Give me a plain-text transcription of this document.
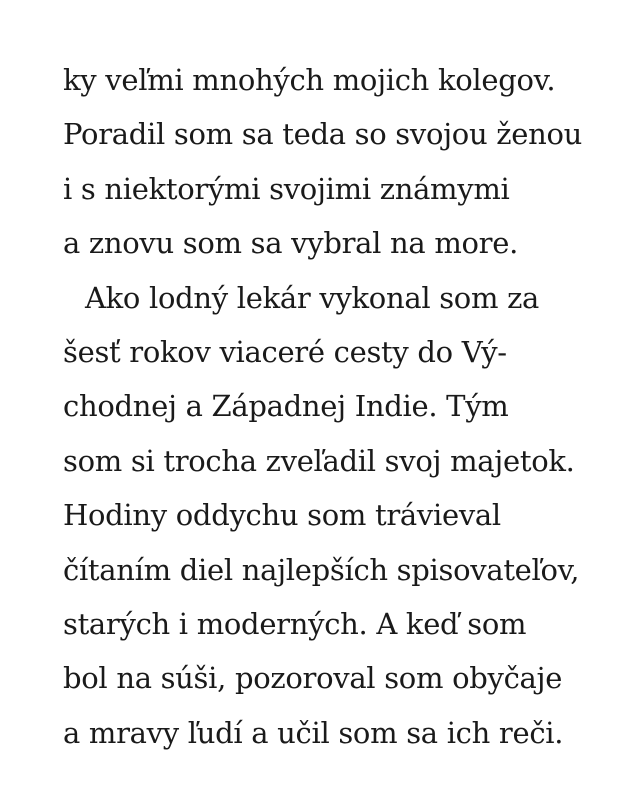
ky veľmi mnohých mojich kolegov.
Poradil som sa teda so svojou ženou
i s niektorými svojimi známymi
a znovu som sa vybral na more.
Ako lodný lekár vykonal som za
šesť rokov viaceré cesty do Vý-
chodnej a Západnej Indie. Tým
som si trocha zveľadil svoj majetok.
Hodiny oddychu som trávieval
čítaním diel najlepších spisovateľov,
starých i moderných. A keď som
bol na súši, pozoroval som obyčaje
a mravy ľudí a učil som sa ich reči.
